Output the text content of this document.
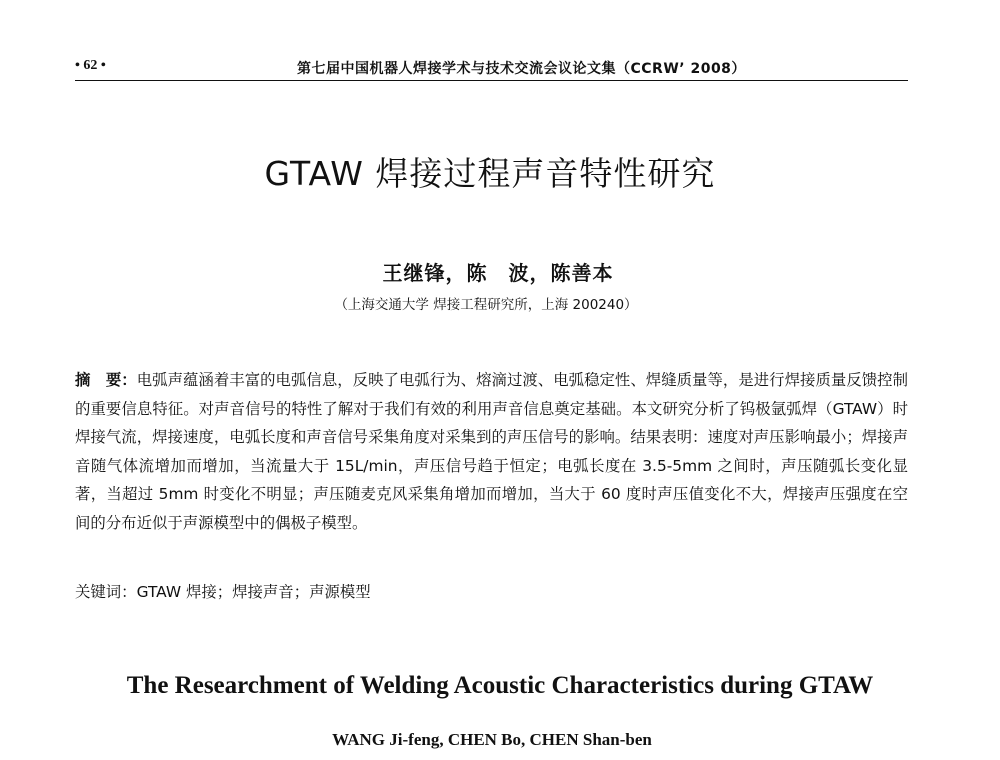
• 62 •	第七届中国机器人焊接学术与技术交流会议论文集（CCRW’ 2008）
GTAW 焊接过程声音特性研究
王继锋，陈　波，陈善本
（上海交通大学 焊接工程研究所，上海 200240）
摘　要：电弧声蕴涵着丰富的电弧信息，反映了电弧行为、熔滴过渡、电弧稳定性、焊缝质量等，是进行焊接质量反馈控制的重要信息特征。对声音信号的特性了解对于我们有效的利用声音信息奠定基础。本文研究分析了钨极氩弧焊（GTAW）时焊接气流，焊接速度，电弧长度和声音信号采集角度对采集到的声压信号的影响。结果表明：速度对声压影响最小；焊接声音随气体流增加而增加，当流量大于 15L/min，声压信号趋于恒定；电弧长度在 3.5-5mm 之间时，声压随弧长变化显著，当超过 5mm 时变化不明显；声压随麦克风采集角增加而增加，当大于 60 度时声压值变化不大，焊接声压强度在空间的分布近似于声源模型中的偶极子模型。
关键词：GTAW 焊接；焊接声音；声源模型
The Researchment of Welding Acoustic Characteristics during GTAW
WANG Ji-feng, CHEN Bo, CHEN Shan-ben
